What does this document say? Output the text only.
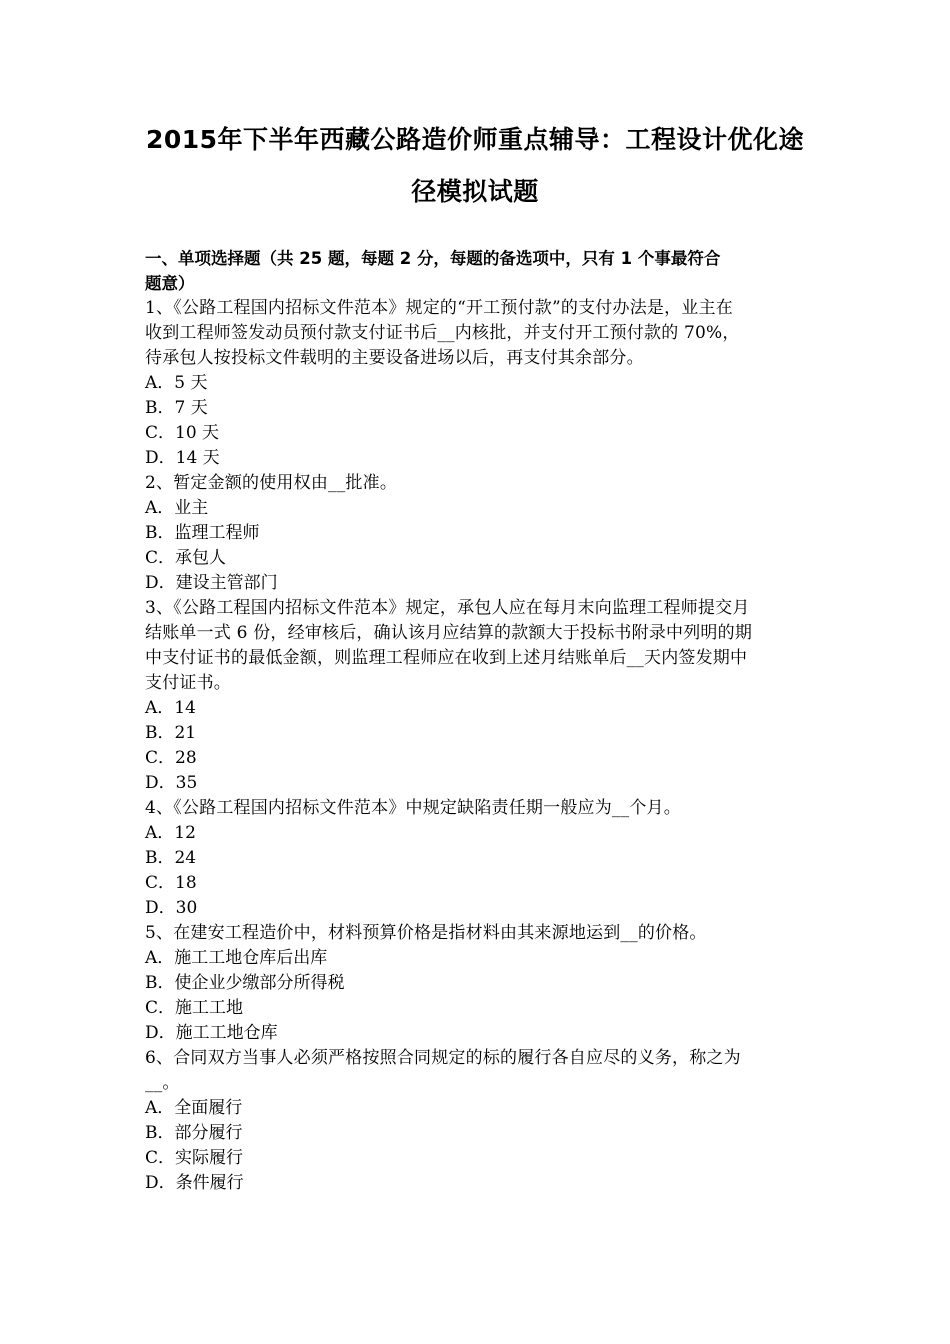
2015年下半年西藏公路造价师重点辅导：工程设计优化途
径模拟试题
一、单项选择题（共 25 题，每题 2 分，每题的备选项中，只有 1 个事最符合
题意）
1、《公路工程国内招标文件范本》规定的“开工预付款”的支付办法是，业主在
收到工程师签发动员预付款支付证书后__内核批，并支付开工预付款的 70%，
待承包人按投标文件载明的主要设备进场以后，再支付其余部分。
A．5 天
B．7 天
C．10 天
D．14 天
2、暂定金额的使用权由__批准。
A．业主
B．监理工程师
C．承包人
D．建设主管部门
3、《公路工程国内招标文件范本》规定，承包人应在每月末向监理工程师提交月
结账单一式 6 份，经审核后，确认该月应结算的款额大于投标书附录中列明的期
中支付证书的最低金额，则监理工程师应在收到上述月结账单后__天内签发期中
支付证书。
A．14
B．21
C．28
D．35
4、《公路工程国内招标文件范本》中规定缺陷责任期一般应为__个月。
A．12
B．24
C．18
D．30
5、在建安工程造价中，材料预算价格是指材料由其来源地运到__的价格。
A．施工工地仓库后出库
B．使企业少缴部分所得税
C．施工工地
D．施工工地仓库
6、合同双方当事人必须严格按照合同规定的标的履行各自应尽的义务，称之为
__。
A．全面履行
B．部分履行
C．实际履行
D．条件履行
